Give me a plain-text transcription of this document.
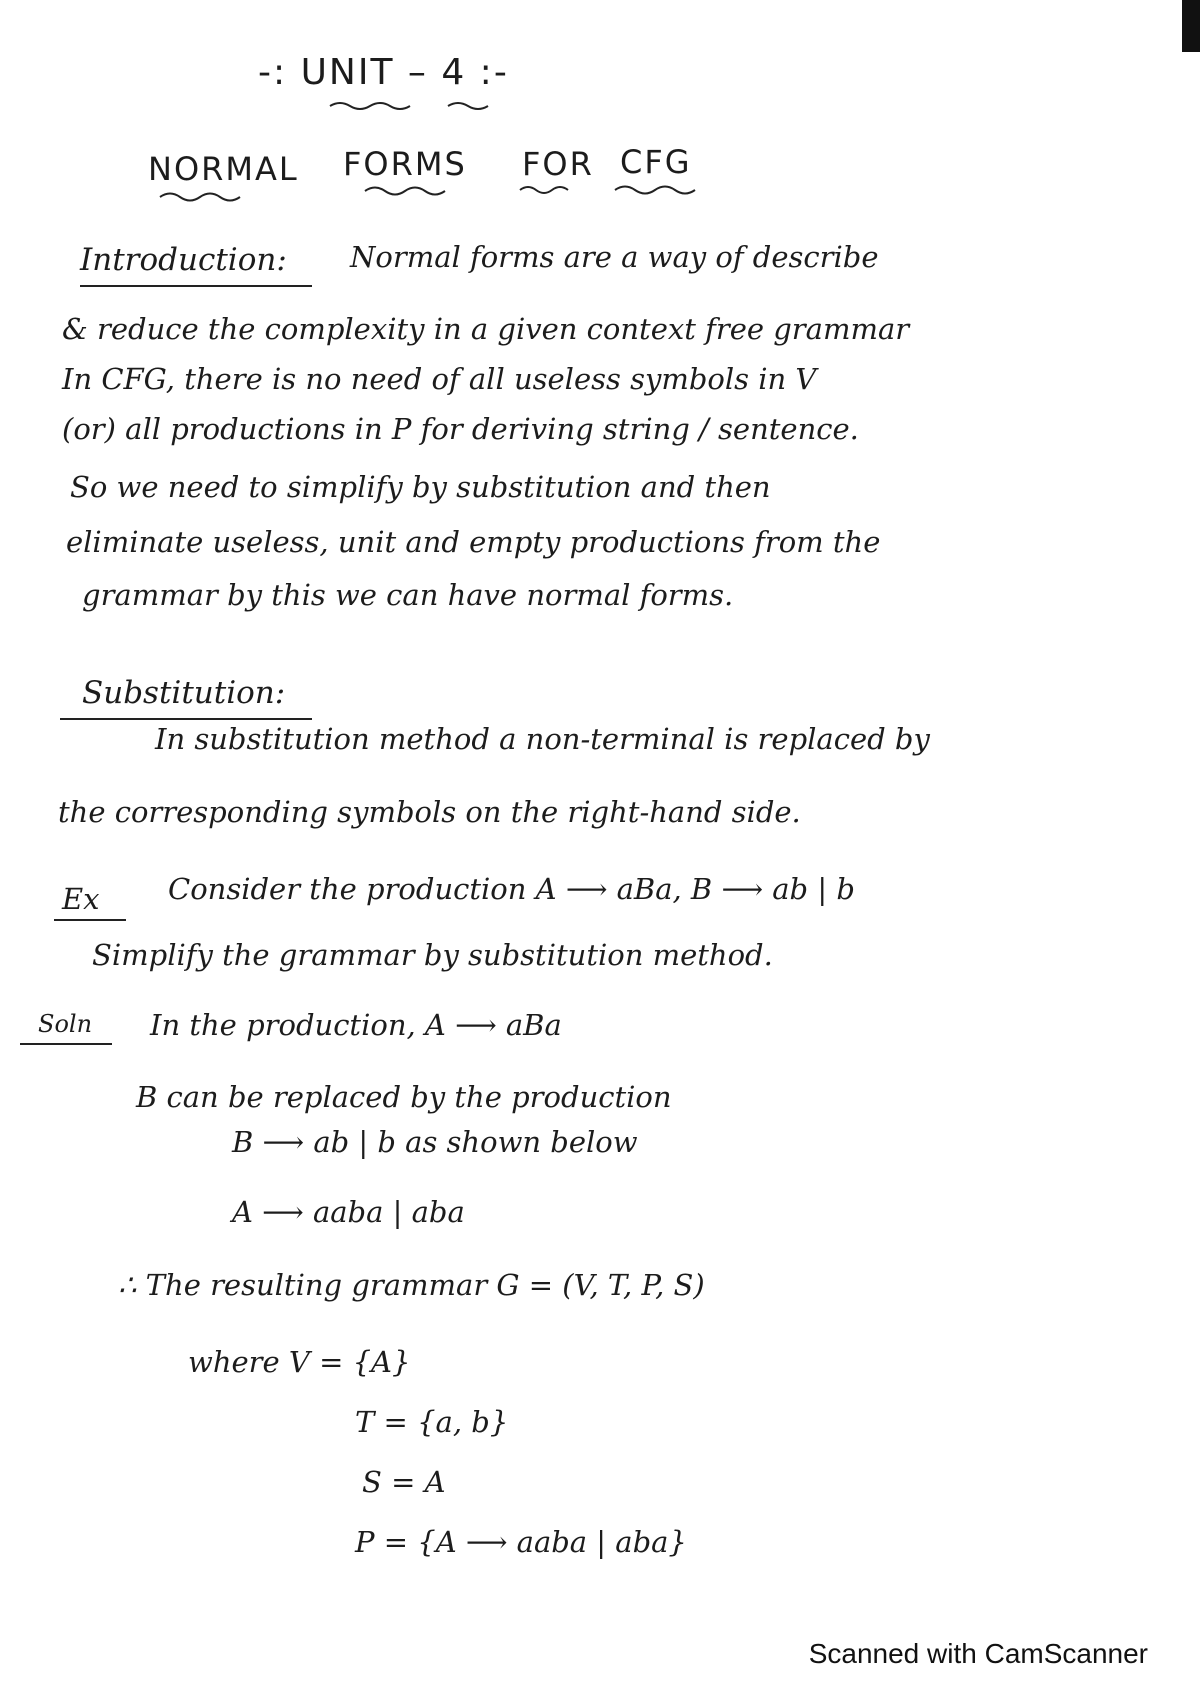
-: UNIT – 4 :-
NORMAL FORMS FOR CFG
Introduction: Normal forms are a way of describe
& reduce the complexity in a given context free grammar
In CFG, there is no need of all useless symbols in V
(or) all productions in P for deriving string / sentence.
So we need to simplify by substitution and then
eliminate useless, unit and empty productions from the
grammar by this we can have normal forms.
Substitution:
In substitution method a non-terminal is replaced by
the corresponding symbols on the right-hand side.
Ex Consider the production A ⟶ aBa, B ⟶ ab | b
Simplify the grammar by substitution method.
Soln In the production, A ⟶ aBa
B can be replaced by the production
B ⟶ ab | b as shown below
A ⟶ aaba | aba
∴ The resulting grammar G = (V, T, P, S)
where V = {A}
T = {a, b}
S = A
P = {A ⟶ aaba | aba}
Scanned with CamScanner
